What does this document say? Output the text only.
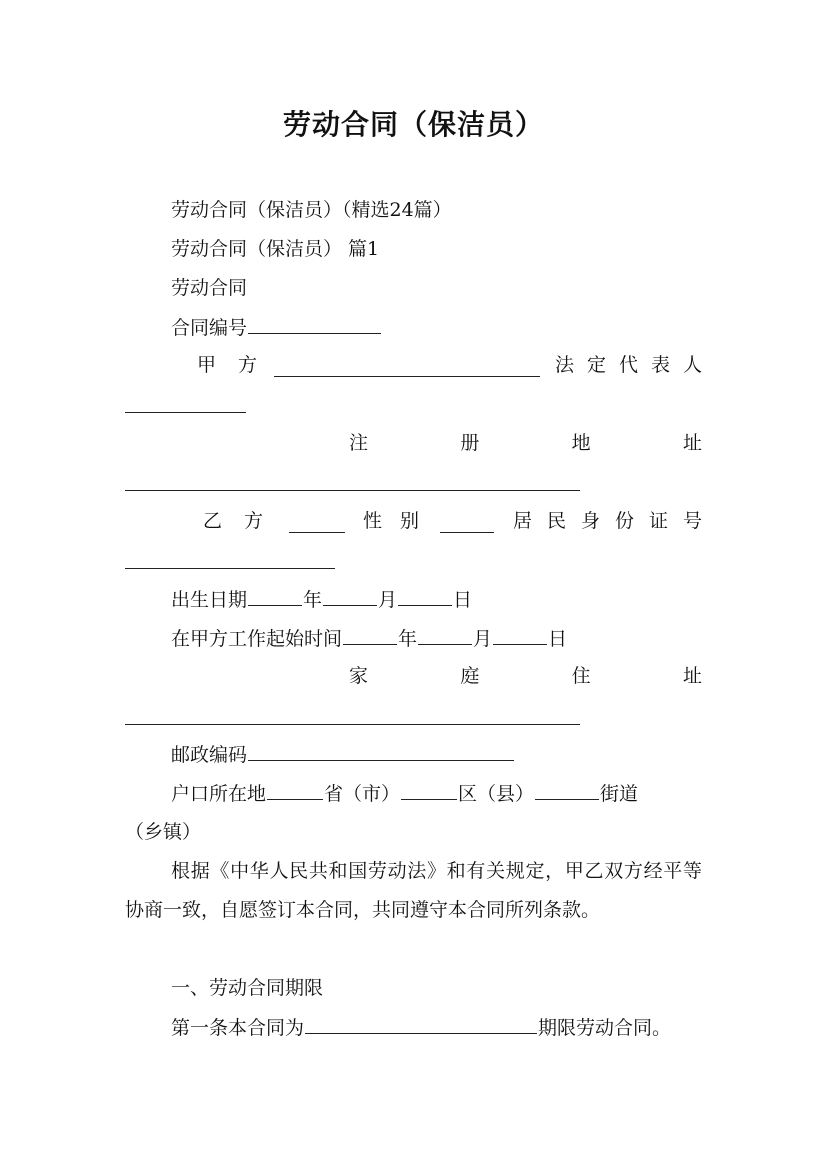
劳动合同（保洁员）
劳动合同（保洁员）（精选24篇）
劳动合同（保洁员） 篇1
劳动合同
合同编号
甲方	法定代表人
注	册	地	址
乙方	性别	居民身份证号
出生日期	年	月	日
在甲方工作起始时间	年	月	日
家	庭	住	址
邮政编码
户口所在地	省（市）	区（县）	街道
（乡镇）
根据《中华人民共和国劳动法》和有关规定，甲乙双方经平等协商一致，自愿签订本合同，共同遵守本合同所列条款。
一、劳动合同期限
第一条本合同为	期限劳动合同。
